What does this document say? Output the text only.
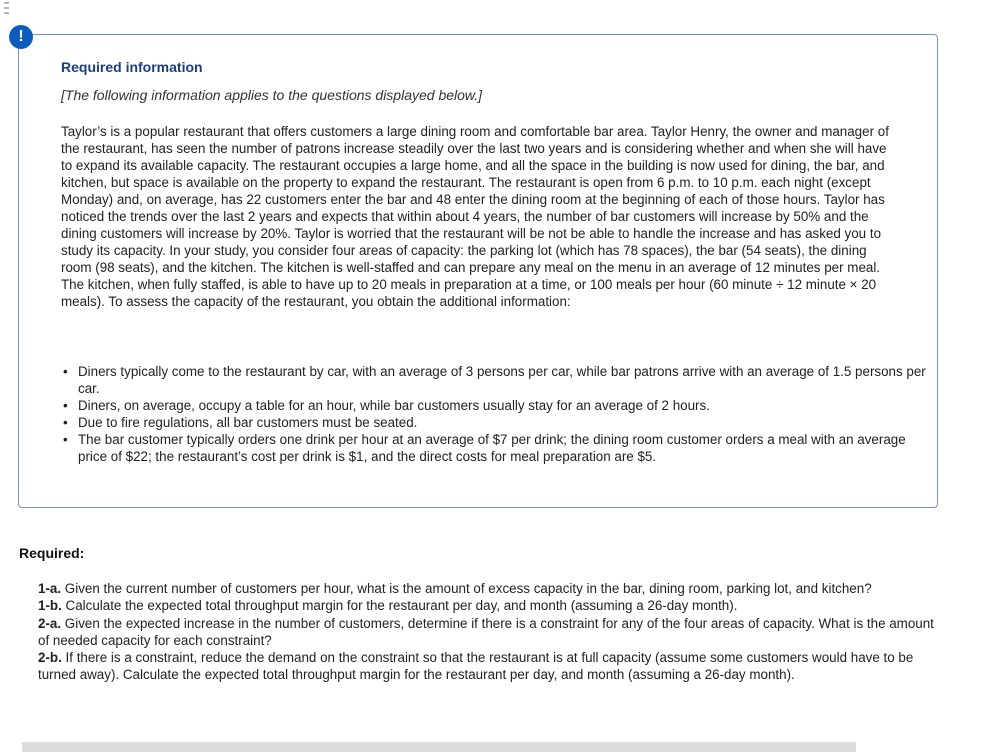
!
Required information
[The following information applies to the questions displayed below.]

Taylor’s is a popular restaurant that offers customers a large dining room and comfortable bar area. Taylor Henry, the owner and manager of the restaurant, has seen the number of patrons increase steadily over the last two years and is considering whether and when she will have to expand its available capacity. The restaurant occupies a large home, and all the space in the building is now used for dining, the bar, and kitchen, but space is available on the property to expand the restaurant. The restaurant is open from 6 p.m. to 10 p.m. each night (except Monday) and, on average, has 22 customers enter the bar and 48 enter the dining room at the beginning of each of those hours. Taylor has noticed the trends over the last 2 years and expects that within about 4 years, the number of bar customers will increase by 50% and the dining customers will increase by 20%. Taylor is worried that the restaurant will be not be able to handle the increase and has asked you to study its capacity. In your study, you consider four areas of capacity: the parking lot (which has 78 spaces), the bar (54 seats), the dining room (98 seats), and the kitchen. The kitchen is well-staffed and can prepare any meal on the menu in an average of 12 minutes per meal. The kitchen, when fully staffed, is able to have up to 20 meals in preparation at a time, or 100 meals per hour (60 minute ÷ 12 minute × 20 meals). To assess the capacity of the restaurant, you obtain the additional information:

• Diners typically come to the restaurant by car, with an average of 3 persons per car, while bar patrons arrive with an average of 1.5 persons per car.
• Diners, on average, occupy a table for an hour, while bar customers usually stay for an average of 2 hours.
• Due to fire regulations, all bar customers must be seated.
• The bar customer typically orders one drink per hour at an average of $7 per drink; the dining room customer orders a meal with an average price of $22; the restaurant’s cost per drink is $1, and the direct costs for meal preparation are $5.
Required:
1-a. Given the current number of customers per hour, what is the amount of excess capacity in the bar, dining room, parking lot, and kitchen?
1-b. Calculate the expected total throughput margin for the restaurant per day, and month (assuming a 26-day month).
2-a. Given the expected increase in the number of customers, determine if there is a constraint for any of the four areas of capacity. What is the amount of needed capacity for each constraint?
2-b. If there is a constraint, reduce the demand on the constraint so that the restaurant is at full capacity (assume some customers would have to be turned away). Calculate the expected total throughput margin for the restaurant per day, and month (assuming a 26-day month).
